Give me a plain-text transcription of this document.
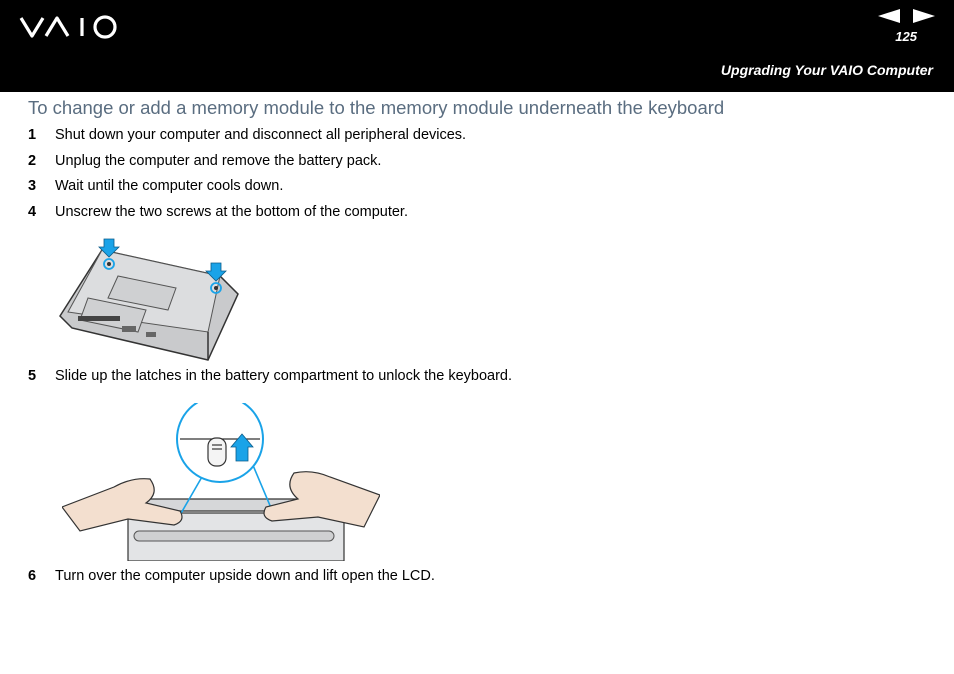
125
Upgrading Your VAIO Computer
To change or add a memory module to the memory module underneath the keyboard
1 Shut down your computer and disconnect all peripheral devices.
2 Unplug the computer and remove the battery pack.
3 Wait until the computer cools down.
4 Unscrew the two screws at the bottom of the computer.
5 Slide up the latches in the battery compartment to unlock the keyboard.
6 Turn over the computer upside down and lift open the LCD.
